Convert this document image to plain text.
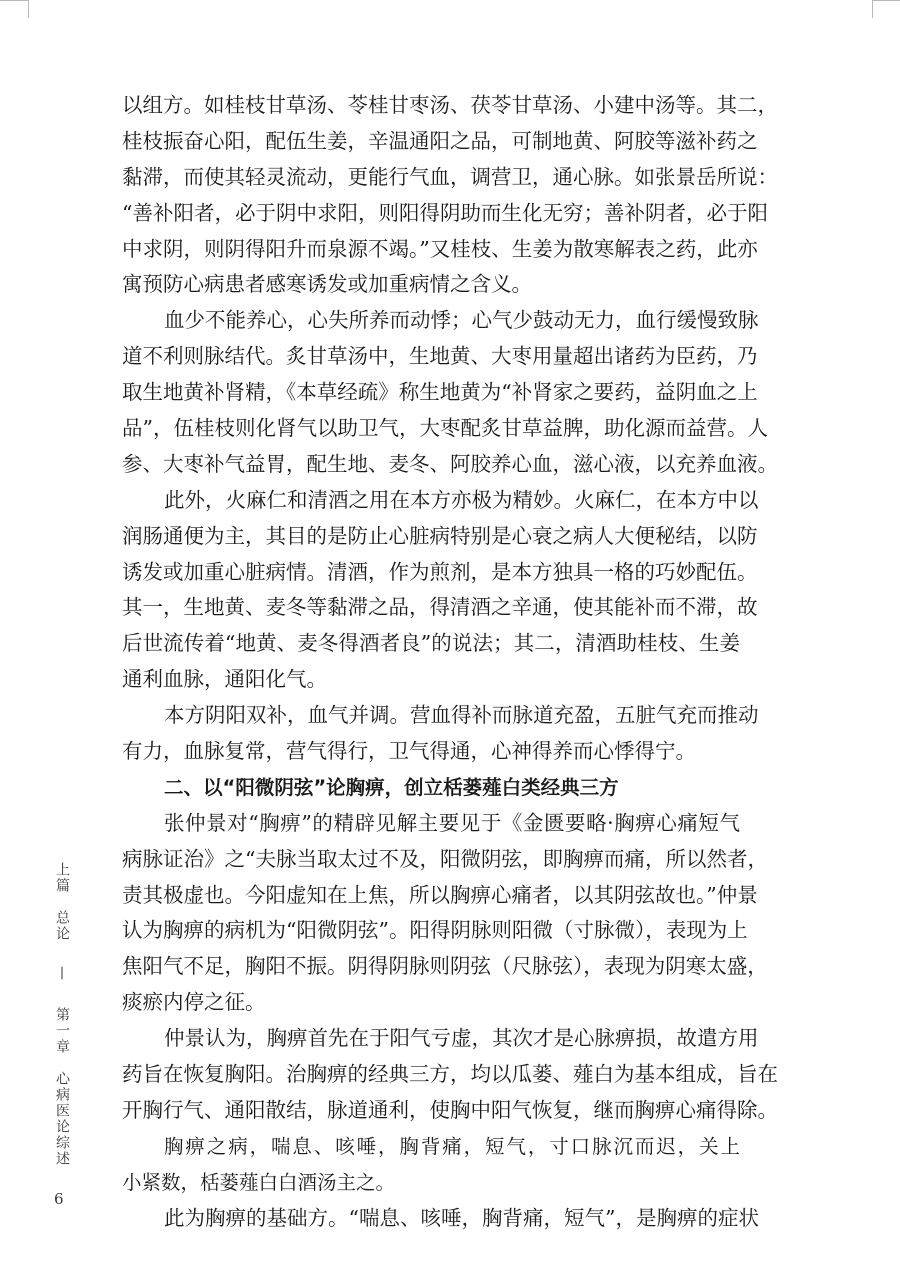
以组方。如桂枝甘草汤、苓桂甘枣汤、茯苓甘草汤、小建中汤等。其二，
桂枝振奋心阳，配伍生姜，辛温通阳之品，可制地黄、阿胶等滋补药之
黏滞，而使其轻灵流动，更能行气血，调营卫，通心脉。如张景岳所说：
“善补阳者，必于阴中求阳，则阳得阴助而生化无穷；善补阴者，必于阳
中求阴，则阴得阳升而泉源不竭。”又桂枝、生姜为散寒解表之药，此亦
寓预防心病患者感寒诱发或加重病情之含义。
血少不能养心，心失所养而动悸；心气少鼓动无力，血行缓慢致脉
道不利则脉结代。炙甘草汤中，生地黄、大枣用量超出诸药为臣药，乃
取生地黄补肾精，《本草经疏》称生地黄为“补肾家之要药，益阴血之上
品”，伍桂枝则化肾气以助卫气，大枣配炙甘草益脾，助化源而益营。人
参、大枣补气益胃，配生地、麦冬、阿胶养心血，滋心液，以充养血液。
此外，火麻仁和清酒之用在本方亦极为精妙。火麻仁，在本方中以
润肠通便为主，其目的是防止心脏病特别是心衰之病人大便秘结，以防
诱发或加重心脏病情。清酒，作为煎剂，是本方独具一格的巧妙配伍。
其一，生地黄、麦冬等黏滞之品，得清酒之辛通，使其能补而不滞，故
后世流传着“地黄、麦冬得酒者良”的说法；其二，清酒助桂枝、生姜
通利血脉，通阳化气。
本方阴阳双补，血气并调。营血得补而脉道充盈，五脏气充而推动
有力，血脉复常，营气得行，卫气得通，心神得养而心悸得宁。
二、以“阳微阴弦”论胸痹，创立栝蒌薤白类经典三方
张仲景对“胸痹”的精辟见解主要见于《金匮要略·胸痹心痛短气
病脉证治》之“夫脉当取太过不及，阳微阴弦，即胸痹而痛，所以然者，
责其极虚也。今阳虚知在上焦，所以胸痹心痛者，以其阴弦故也。”仲景
认为胸痹的病机为“阳微阴弦”。阳得阴脉则阳微（寸脉微），表现为上
焦阳气不足，胸阳不振。阴得阴脉则阴弦（尺脉弦），表现为阴寒太盛，
痰瘀内停之征。
仲景认为，胸痹首先在于阳气亏虚，其次才是心脉痹损，故遣方用
药旨在恢复胸阳。治胸痹的经典三方，均以瓜蒌、薤白为基本组成，旨在
开胸行气、通阳散结，脉道通利，使胸中阳气恢复，继而胸痹心痛得除。
胸痹之病，喘息、咳唾，胸背痛，短气，寸口脉沉而迟，关上
小紧数，栝蒌薤白白酒汤主之。
此为胸痹的基础方。“喘息、咳唾，胸背痛，短气”，是胸痹的症状
上篇　总论 — 第一章　心病医论综述
6
